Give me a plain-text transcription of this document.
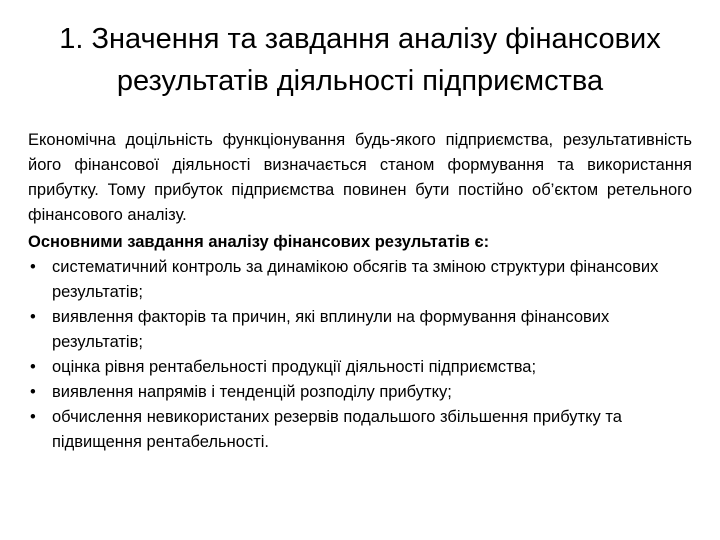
1. Значення та завдання аналізу фінансових результатів діяльності підприємства

Економічна доцільність функціонування будь-якого підприємства, результативність його фінансової діяльності визначається станом формування та використання прибутку. Тому прибуток підприємства повинен бути постійно об’єктом ретельного фінансового аналізу.

Основними завдання аналізу фінансових результатів є:

• систематичний контроль за динамікою обсягів та зміною структури фінансових результатів;
• виявлення факторів та причин, які вплинули на формування фінансових результатів;
• оцінка рівня рентабельності продукції діяльності підприємства;
• виявлення напрямів і тенденцій розподілу прибутку;
• обчислення невикористаних резервів подальшого збільшення прибутку та підвищення рентабельності.
